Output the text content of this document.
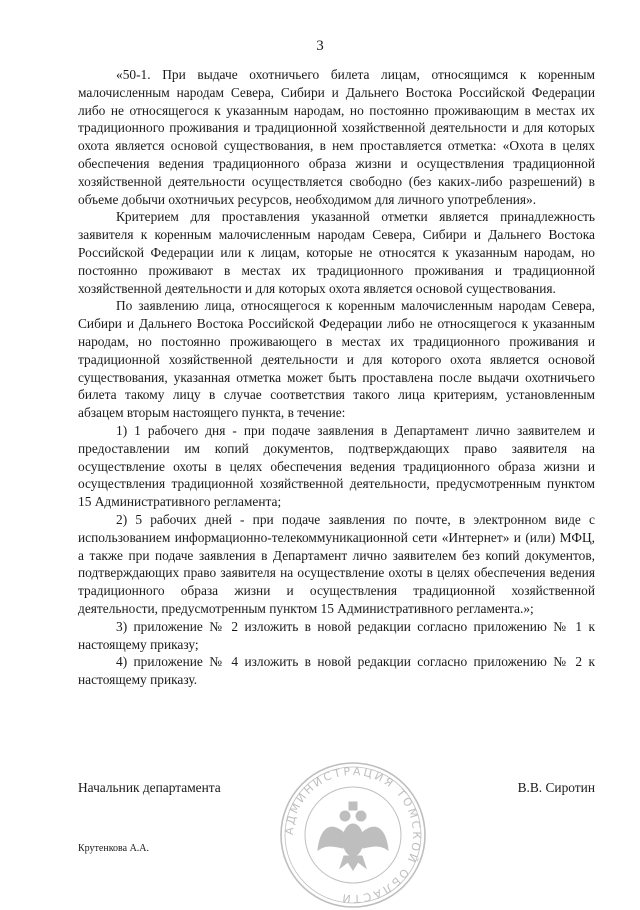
3

«50-1. При выдаче охотничьего билета лицам, относящимся к коренным малочисленным народам Севера, Сибири и Дальнего Востока Российской Федерации либо не относящегося к указанным народам, но постоянно проживающим в местах их традиционного проживания и традиционной хозяйственной деятельности и для которых охота является основой существования, в нем проставляется отметка: «Охота в целях обеспечения ведения традиционного образа жизни и осуществления традиционной хозяйственной деятельности осуществляется свободно (без каких-либо разрешений) в объеме добычи охотничьих ресурсов, необходимом для личного употребления».

Критерием для проставления указанной отметки является принадлежность заявителя к коренным малочисленным народам Севера, Сибири и Дальнего Востока Российской Федерации или к лицам, которые не относятся к указанным народам, но постоянно проживают в местах их традиционного проживания и традиционной хозяйственной деятельности и для которых охота является основой существования.

По заявлению лица, относящегося к коренным малочисленным народам Севера, Сибири и Дальнего Востока Российской Федерации либо не относящегося к указанным народам, но постоянно проживающего в местах их традиционного проживания и традиционной хозяйственной деятельности и для которого охота является основой существования, указанная отметка может быть проставлена после выдачи охотничьего билета такому лицу в случае соответствия такого лица критериям, установленным абзацем вторым настоящего пункта, в течение:

1) 1 рабочего дня - при подаче заявления в Департамент лично заявителем и предоставлении им копий документов, подтверждающих право заявителя на осуществление охоты в целях обеспечения ведения традиционного образа жизни и осуществления традиционной хозяйственной деятельности, предусмотренным пунктом 15 Административного регламента;

2) 5 рабочих дней - при подаче заявления по почте, в электронном виде с использованием информационно-телекоммуникационной сети «Интернет» и (или) МФЦ, а также при подаче заявления в Департамент лично заявителем без копий документов, подтверждающих право заявителя на осуществление охоты в целях обеспечения ведения традиционного образа жизни и осуществления традиционной хозяйственной деятельности, предусмотренным пунктом 15 Административного регламента.»;

3) приложение № 2 изложить в новой редакции согласно приложению № 1 к настоящему приказу;

4) приложение № 4 изложить в новой редакции согласно приложению № 2 к настоящему приказу.

АДМИНИСТРАЦИЯ ТОМСКОЙ ОБЛАСТИ
Начальник департамента	В.В. Сиротин
Крутенкова А.А.
